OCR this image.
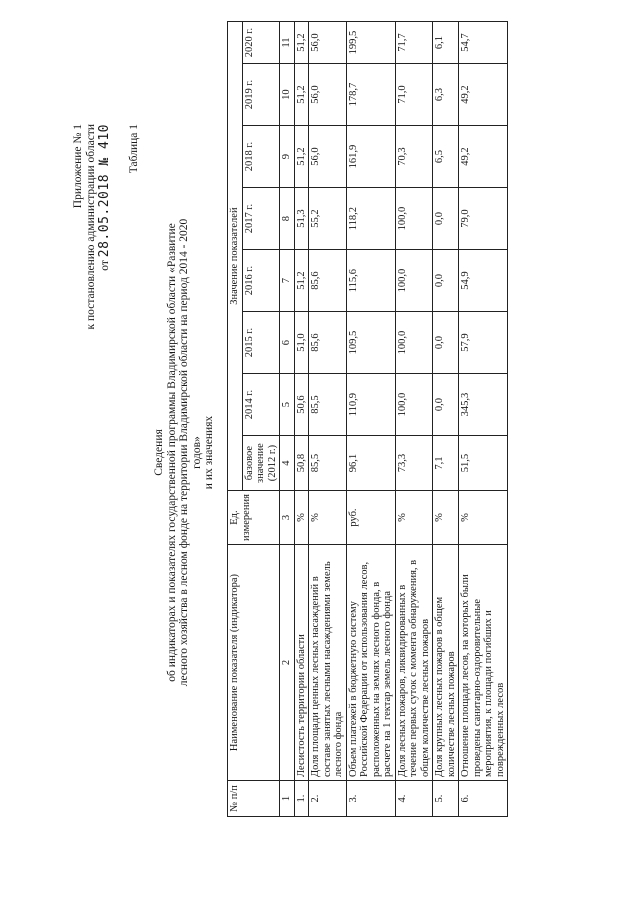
Приложение № 1 к постановлению администрации области от 28.05.2018 № 410 Таблица 1
Сведения об индикаторах и показателях государственной программы Владимирской области «Развитие лесного хозяйства в лесном фонде на территории Владимирской области на период 2014 - 2020 годов» и их значениях
№ п/п	Наименование показателя (индикатора)	Ед. измерения	Значение показателей							
			базовое значение (2012 г.)	2014 г.	2015 г.	2016 г.	2017 г.	2018 г.	2019 г.	2020 г.
1	2	3	4	5	6	7	8	9	10	11
1.	Лесистость территории области	%	50,8	50,6	51,0	51,2	51,3	51,2	51,2	51,2
2.	Доля площади ценных лесных насаждений в составе занятых лесными насаждениями земель лесного фонда	%	85,5	85,5	85,6	85,6	55,2	56,0	56,0	56,0
3.	Объем платежей в бюджетную систему Российской Федерации от использования лесов, расположенных на землях лесного фонда, в расчете на 1 гектар земель лесного фонда	руб.	96,1	110,9	109,5	115,6	118,2	161,9	178,7	199,5
4.	Доля лесных пожаров, ликвидированных в течение первых суток с момента обнаружения, в общем количестве лесных пожаров	%	73,3	100,0	100,0	100,0	100,0	70,3	71,0	71,7
5.	Доля крупных лесных пожаров в общем количестве лесных пожаров	%	7,1	0,0	0,0	0,0	0,0	6,5	6,3	6,1
6.	Отношение площади лесов, на которых были проведены санитарно-оздоровительные мероприятия, к площади погибших и поврежденных лесов	%	51,5	345,3	57,9	54,9	79,0	49,2	49,2	54,7
